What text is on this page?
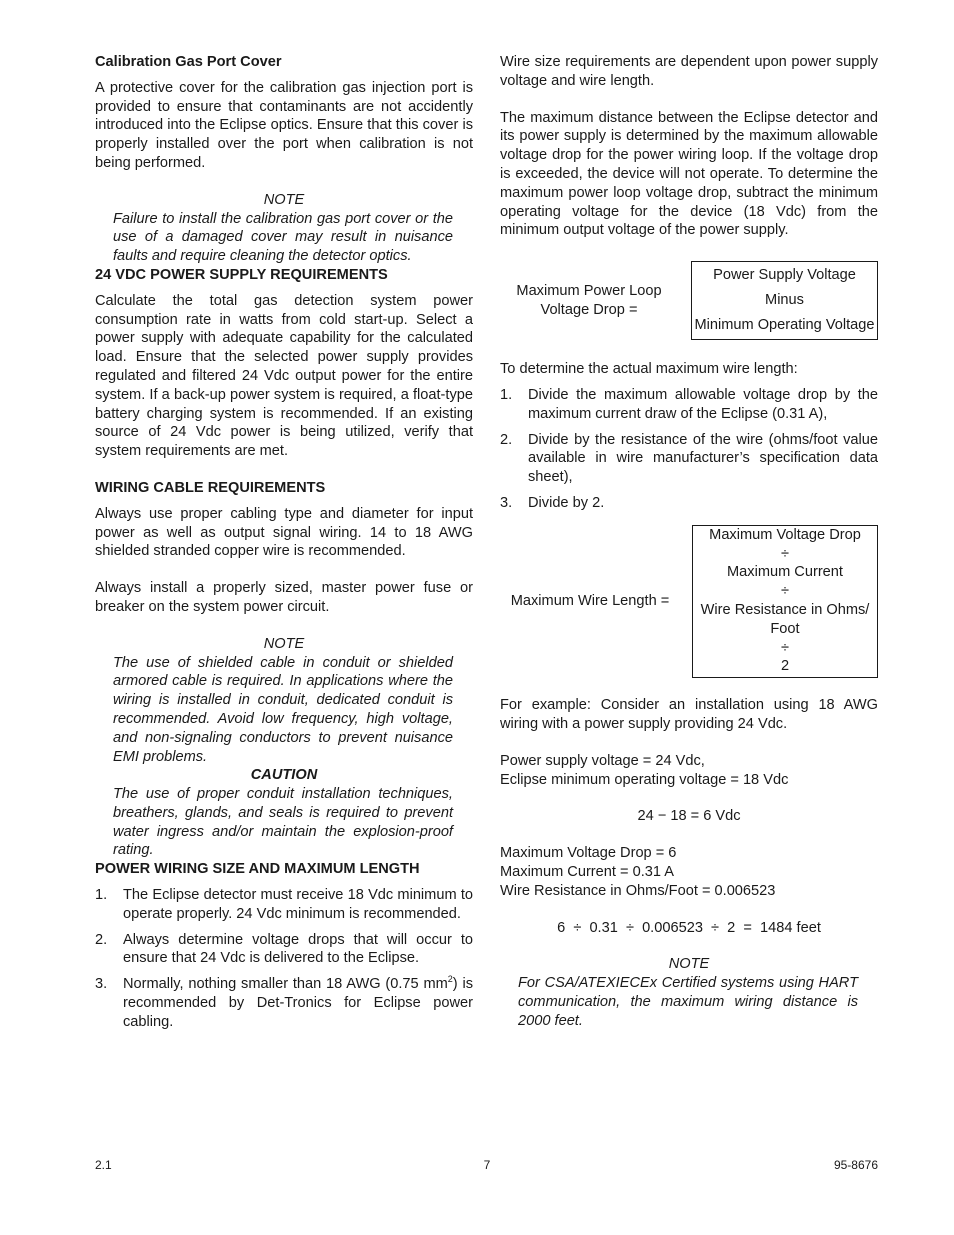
Calibration Gas Port Cover

A protective cover for the calibration gas injection port is provided to ensure that contaminants are not accidently introduced into the Eclipse optics. Ensure that this cover is properly installed over the port when calibration is not being performed.

NOTE

Failure to install the calibration gas port cover or the use of a damaged cover may result in nuisance faults and require cleaning the detector optics.

24 VDC POWER SUPPLY REQUIREMENTS

Calculate the total gas detection system power consumption rate in watts from cold start-up. Select a power supply with adequate capability for the calculated load. Ensure that the selected power supply provides regulated and filtered 24 Vdc output power for the entire system. If a back-up power system is required, a float-type battery charging system is recommended. If an existing source of 24 Vdc power is being utilized, verify that system requirements are met.

WIRING CABLE REQUIREMENTS

Always use proper cabling type and diameter for input power as well as output signal wiring. 14 to 18 AWG shielded stranded copper wire is recommended.

Always install a properly sized, master power fuse or breaker on the system power circuit.

NOTE

The use of shielded cable in conduit or shielded armored cable is required. In applications where the wiring is installed in conduit, dedicated conduit is recommended. Avoid low frequency, high voltage, and non-signaling conductors to prevent nuisance EMI problems.

CAUTION

The use of proper conduit installation techniques, breathers, glands, and seals is required to prevent water ingress and/or maintain the explosion-proof rating.

POWER WIRING SIZE AND MAXIMUM LENGTH
1. The Eclipse detector must receive 18 Vdc minimum to operate properly. 24 Vdc minimum is recommended.
2. Always determine voltage drops that will occur to ensure that 24 Vdc is delivered to the Eclipse.
3. Normally, nothing smaller than 18 AWG (0.75 $mm^2$) is recommended by Det-Tronics for Eclipse power cabling.

Wire size requirements are dependent upon power supply voltage and wire length.

The maximum distance between the Eclipse detector and its power supply is determined by the maximum allowable voltage drop for the power wiring loop. If the voltage drop is exceeded, the device will not operate. To determine the maximum power loop voltage drop, subtract the minimum operating voltage for the device (18 Vdc) from the minimum output voltage of the power supply.

Maximum Power Loop
Voltage Drop =
Power Supply Voltage
Minus
Minimum Operating Voltage

To determine the actual maximum wire length:

1. Divide the maximum allowable voltage drop by the maximum current draw of the Eclipse (0.31 A),
2. Divide by the resistance of the wire (ohms/foot value available in wire manufacturer’s specification data sheet),
3. Divide by 2.
Maximum Wire Length =
Maximum Voltage Drop
÷
Maximum Current
÷
Wire Resistance in Ohms/
Foot
÷
2

For example: Consider an installation using 18 AWG wiring with a power supply providing 24 Vdc.

Power supply voltage = 24 Vdc,
Eclipse minimum operating voltage = 18 Vdc
24 − 18 = 6 Vdc
Maximum Voltage Drop = 6
Maximum Current = 0.31 A
Wire Resistance in Ohms/Foot = 0.006523
6  ÷  0.31  ÷  0.006523  ÷  2  =  1484 feet
NOTE

For CSA/ATEXIECEx Certified systems using HART communication, the maximum wiring distance is 2000 feet.

2.1	7	95-8676
